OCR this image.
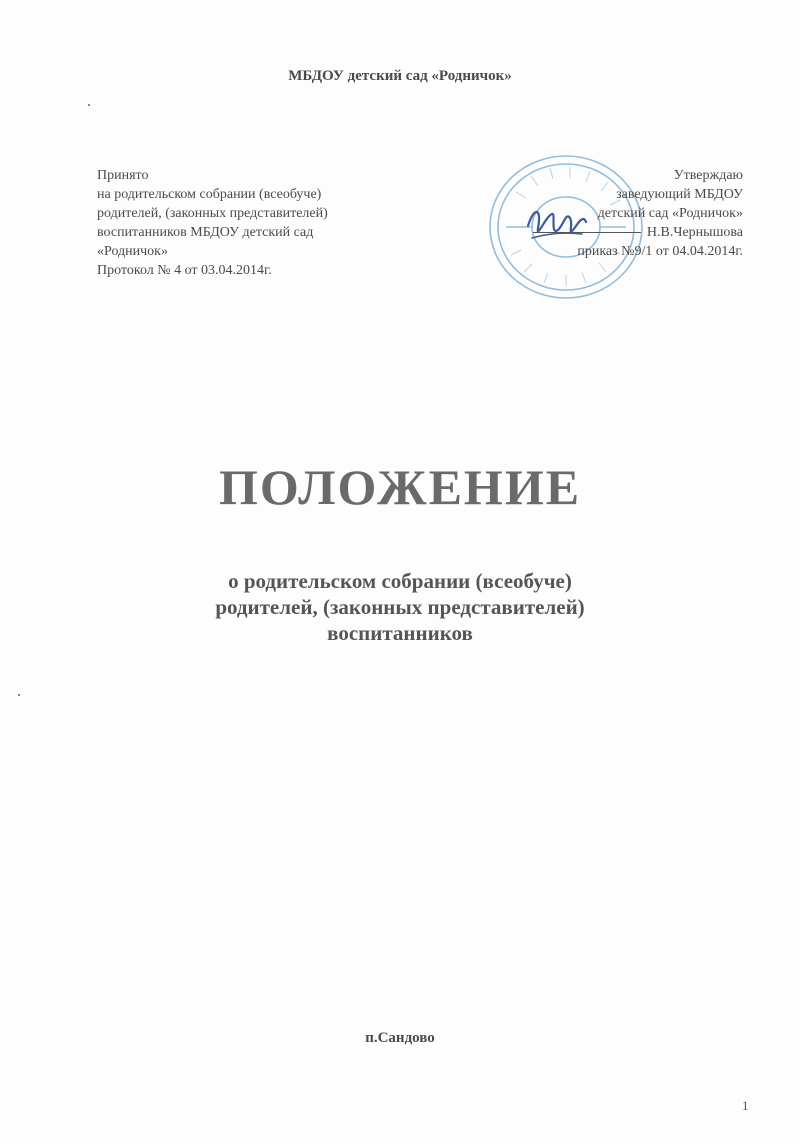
МБДОУ детский сад «Родничок»
Принято
на родительском собрании (всеобуче)
родителей, (законных представителей)
воспитанников МБДОУ детский сад
«Родничок»
Протокол № 4 от 03.04.2014г.
Утверждаю
заведующий МБДОУ
детский сад «Родничок»
Н.В.Чернышова
приказ №9/1 от 04.04.2014г.
ПОЛОЖЕНИЕ
о родительском собрании (всеобуче)
родителей, (законных представителей)
воспитанников
п.Сандово
1
